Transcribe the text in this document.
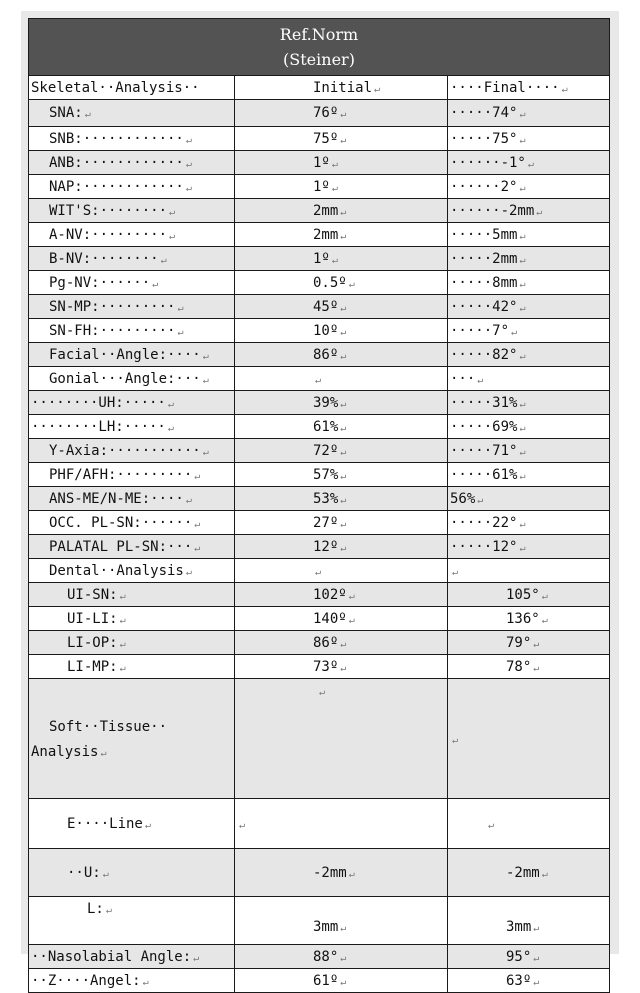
Ref.Norm
(Steiner)		

Skeletal··Analysis··	Initial ↵	····Final···· ↵
SNA: ↵	76º ↵	·····74° ↵
SNB:············ ↵	75º ↵	·····75° ↵
ANB:············ ↵	1º ↵	······-1° ↵
NAP:············ ↵	1º ↵	······2° ↵
WIT'S:········ ↵	2mm ↵	······-2mm ↵
A-NV:········· ↵	2mm ↵	·····5mm ↵
B-NV:········ ↵	1º ↵	·····2mm ↵
Pg-NV:······ ↵	0.5º ↵	·····8mm ↵
SN-MP:········· ↵	45º ↵	·····42° ↵
SN-FH:········· ↵	10º ↵	·····7° ↵
Facial··Angle:···· ↵	86º ↵	·····82° ↵
Gonial···Angle:··· ↵	↵	··· ↵
········UH:····· ↵	39% ↵	·····31% ↵
········LH:····· ↵	61% ↵	·····69% ↵
Y-Axia:··········· ↵	72º ↵	·····71° ↵
PHF/AFH:········· ↵	57% ↵	·····61% ↵
ANS-ME/N-ME:···· ↵	53% ↵	56% ↵
OCC. PL-SN:······ ↵	27º ↵	·····22° ↵
PALATAL PL-SN:··· ↵	12º ↵	·····12° ↵
Dental··Analysis ↵	↵	↵
UI-SN: ↵	102º ↵	105° ↵
UI-LI: ↵	140º ↵	136° ↵
LI-OP: ↵	86º ↵	79° ↵
LI-MP: ↵	73º ↵	78° ↵

Soft··Tissue··
Analysis ↵	↵	↵
E····Line ↵	↵	↵
··U: ↵	-2mm ↵	-2mm ↵
L: ↵	3mm ↵	3mm ↵
··Nasolabial Angle: ↵	88° ↵	95° ↵
··Z····Angel: ↵	61º ↵	63º ↵
